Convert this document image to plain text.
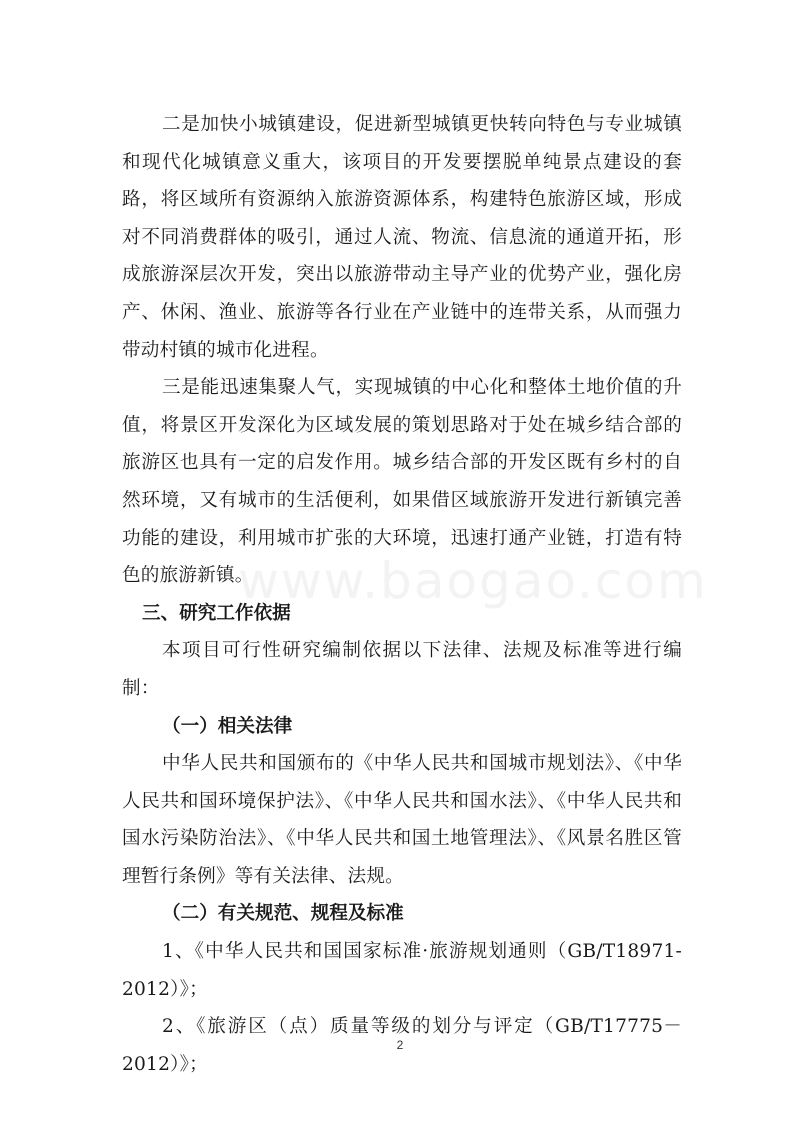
www.baogao.com

二是加快小城镇建设，促进新型城镇更快转向特色与专业城镇和现代化城镇意义重大，该项目的开发要摆脱单纯景点建设的套路，将区域所有资源纳入旅游资源体系，构建特色旅游区域，形成对不同消费群体的吸引，通过人流、物流、信息流的通道开拓，形成旅游深层次开发，突出以旅游带动主导产业的优势产业，强化房产、休闲、渔业、旅游等各行业在产业链中的连带关系，从而强力带动村镇的城市化进程。

三是能迅速集聚人气，实现城镇的中心化和整体土地价值的升值，将景区开发深化为区域发展的策划思路对于处在城乡结合部的旅游区也具有一定的启发作用。城乡结合部的开发区既有乡村的自然环境，又有城市的生活便利，如果借区域旅游开发进行新镇完善功能的建设，利用城市扩张的大环境，迅速打通产业链，打造有特色的旅游新镇。

三、研究工作依据

本项目可行性研究编制依据以下法律、法规及标准等进行编制：

（一）相关法律

中华人民共和国颁布的《中华人民共和国城市规划法》、《中华人民共和国环境保护法》、《中华人民共和国水法》、《中华人民共和国水污染防治法》、《中华人民共和国土地管理法》、《风景名胜区管理暂行条例》等有关法律、法规。

（二）有关规范、规程及标准

1、《中华人民共和国国家标准·旅游规划通则（GB/T18971-2012）》；

2、《旅游区（点）质量等级的划分与评定（GB/T17775－2012）》；

2
